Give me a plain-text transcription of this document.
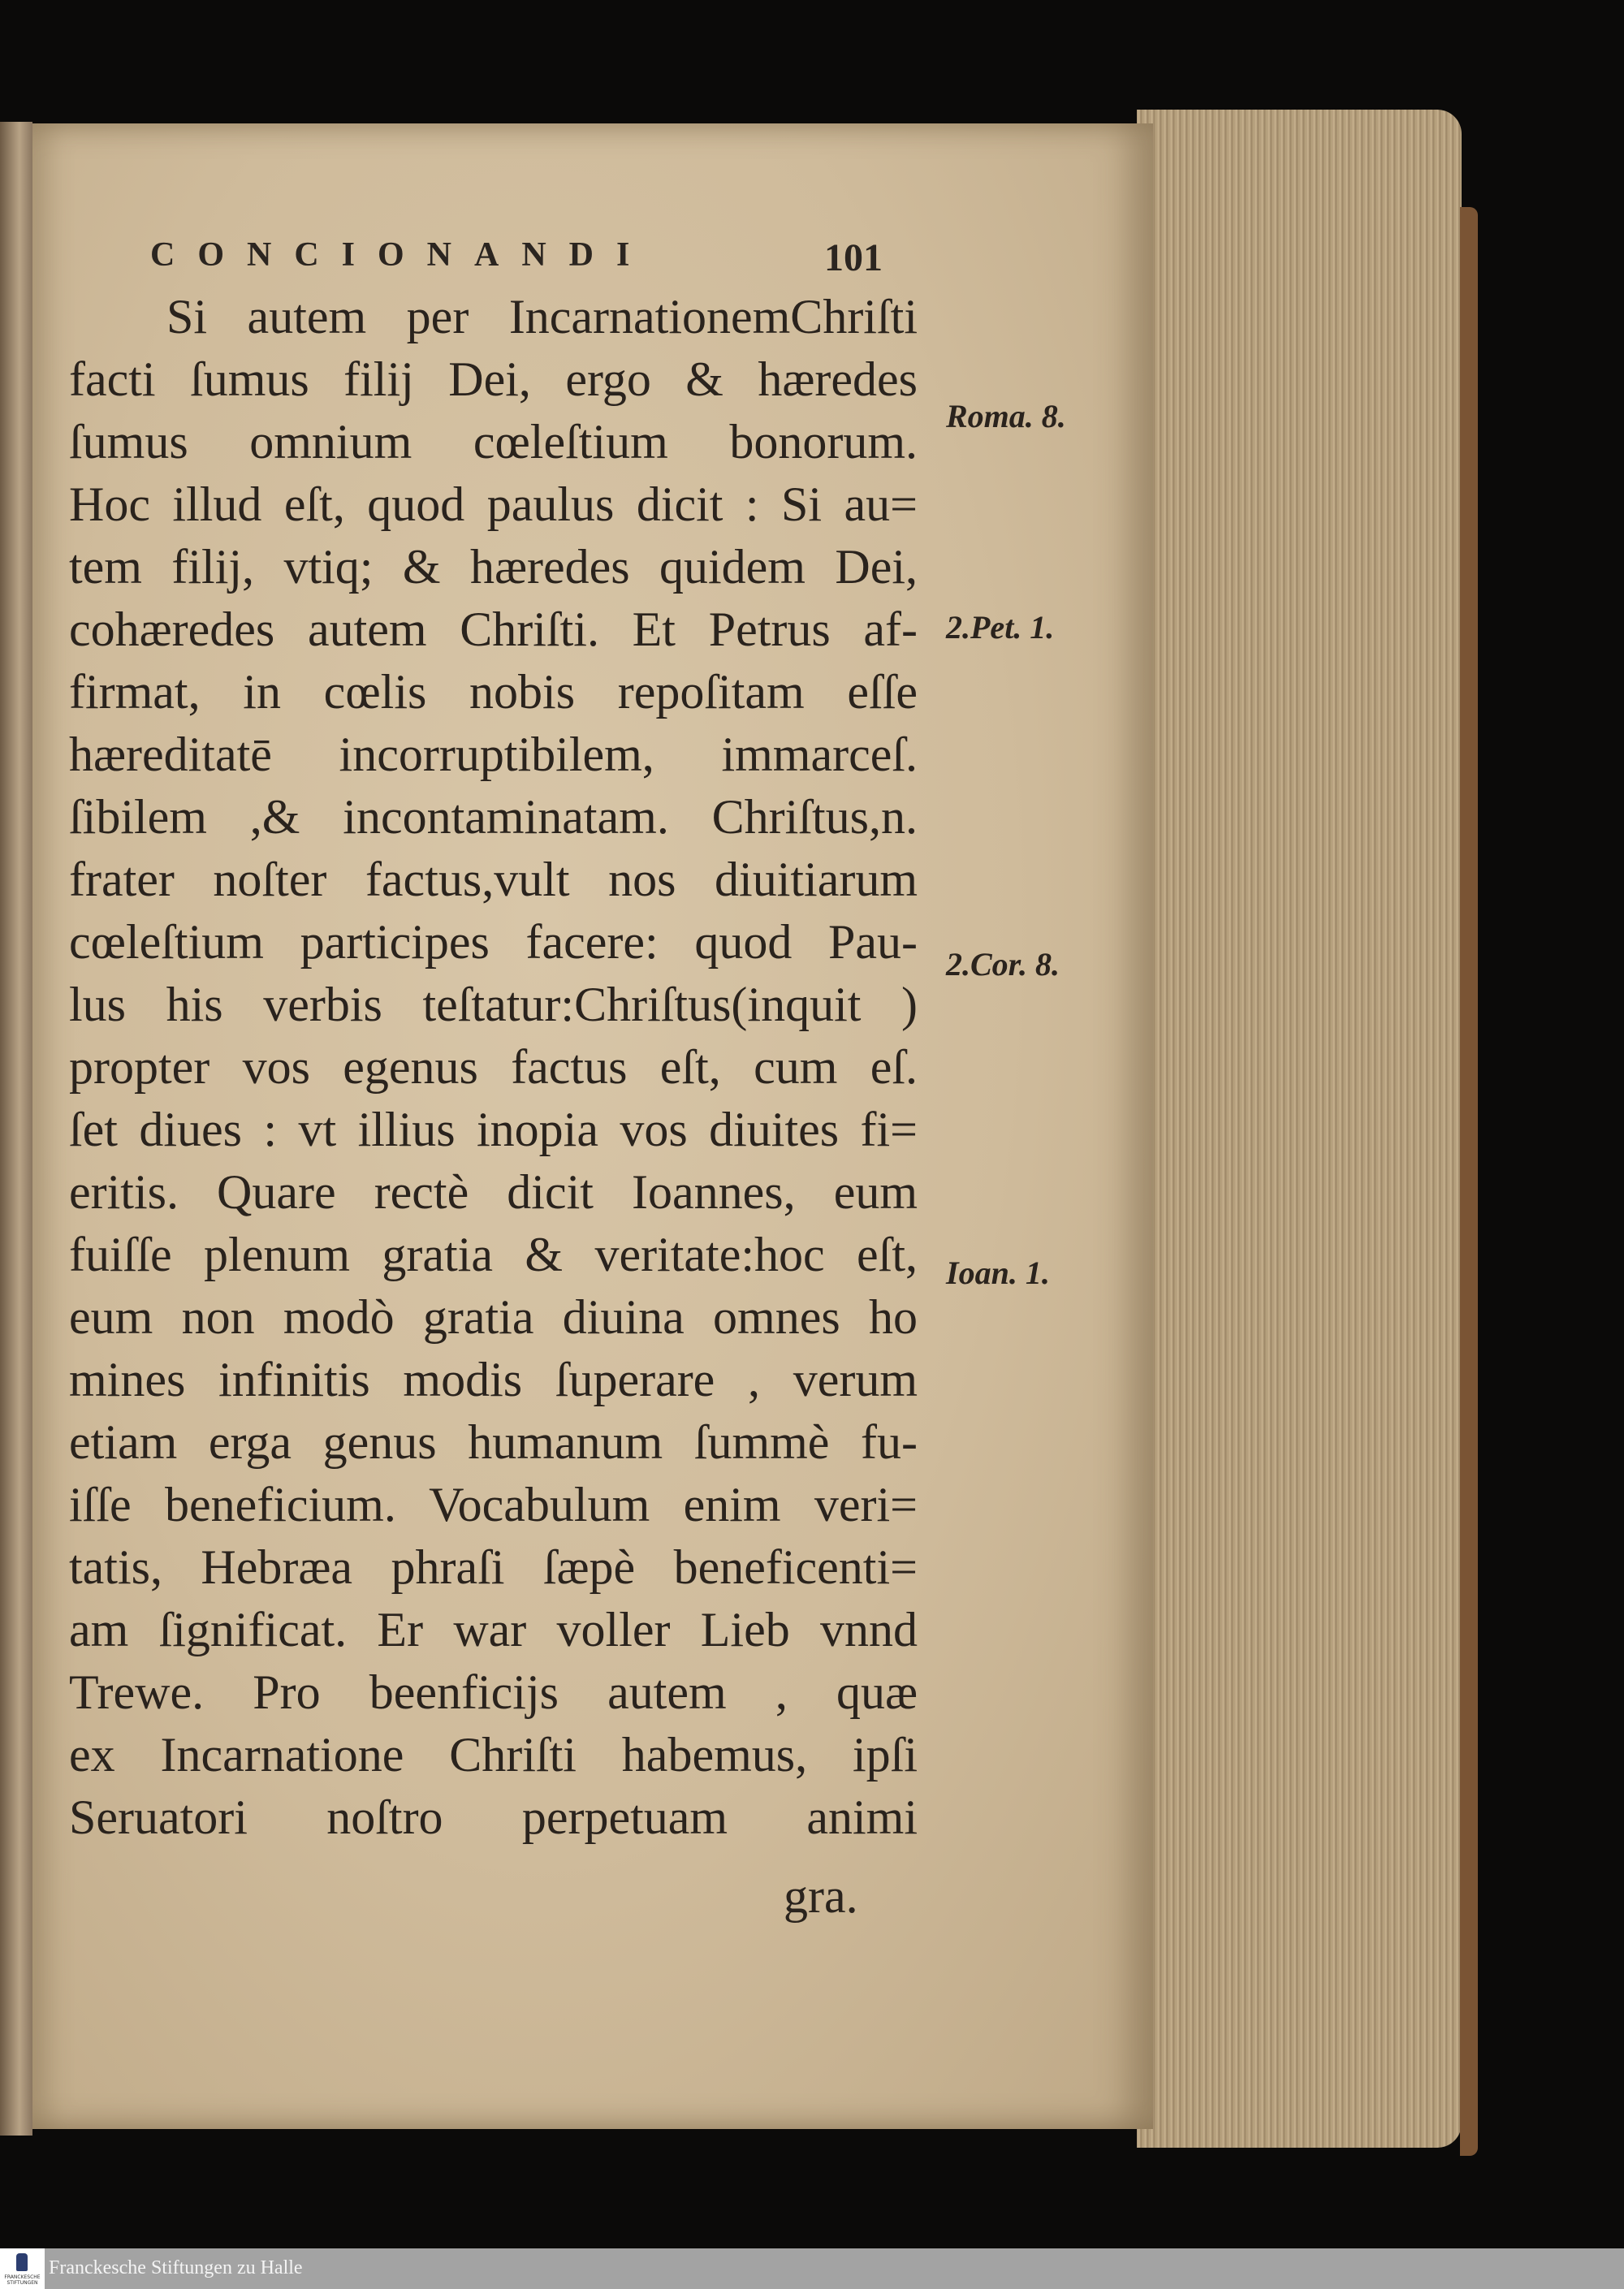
CONCIONANDI	101
Si autem per IncarnationemChriſti
facti ſumus filij Dei, ergo & hæredes
ſumus omnium cœleſtium bonorum.
Hoc illud eſt, quod paulus dicit : Si au=
tem filij, vtiq; & hæredes quidem Dei,
cohæredes autem Chriſti. Et Petrus af-
firmat, in cœlis nobis repoſitam eſſe
hæreditatē incorruptibilem, immarceſ.
ſibilem ,& incontaminatam. Chriſtus,n.
frater noſter factus,vult nos diuitiarum
cœleſtium participes facere: quod Pau-
lus his verbis teſtatur:Chriſtus(inquit )
propter vos egenus factus eſt, cum eſ.
ſet diues : vt illius inopia vos diuites fi=
eritis. Quare rectè dicit Ioannes, eum
fuiſſe plenum gratia & veritate:hoc eſt,
eum non modò gratia diuina omnes ho
mines infinitis modis ſuperare , verum
etiam erga genus humanum ſummè fu-
iſſe beneficium. Vocabulum enim veri=
tatis, Hebræa phraſi ſæpè beneficenti=
am ſignificat. Er war voller Lieb vnnd
Trewe. Pro beenficijs autem , quæ
ex Incarnatione Chriſti habemus, ipſi
Seruatori noſtro perpetuam animi
gra.
Roma. 8.
2.Pet. 1.
2.Cor. 8.
Ioan. 1.
FRANCKESCHE STIFTUNGEN
Franckesche Stiftungen zu Halle
